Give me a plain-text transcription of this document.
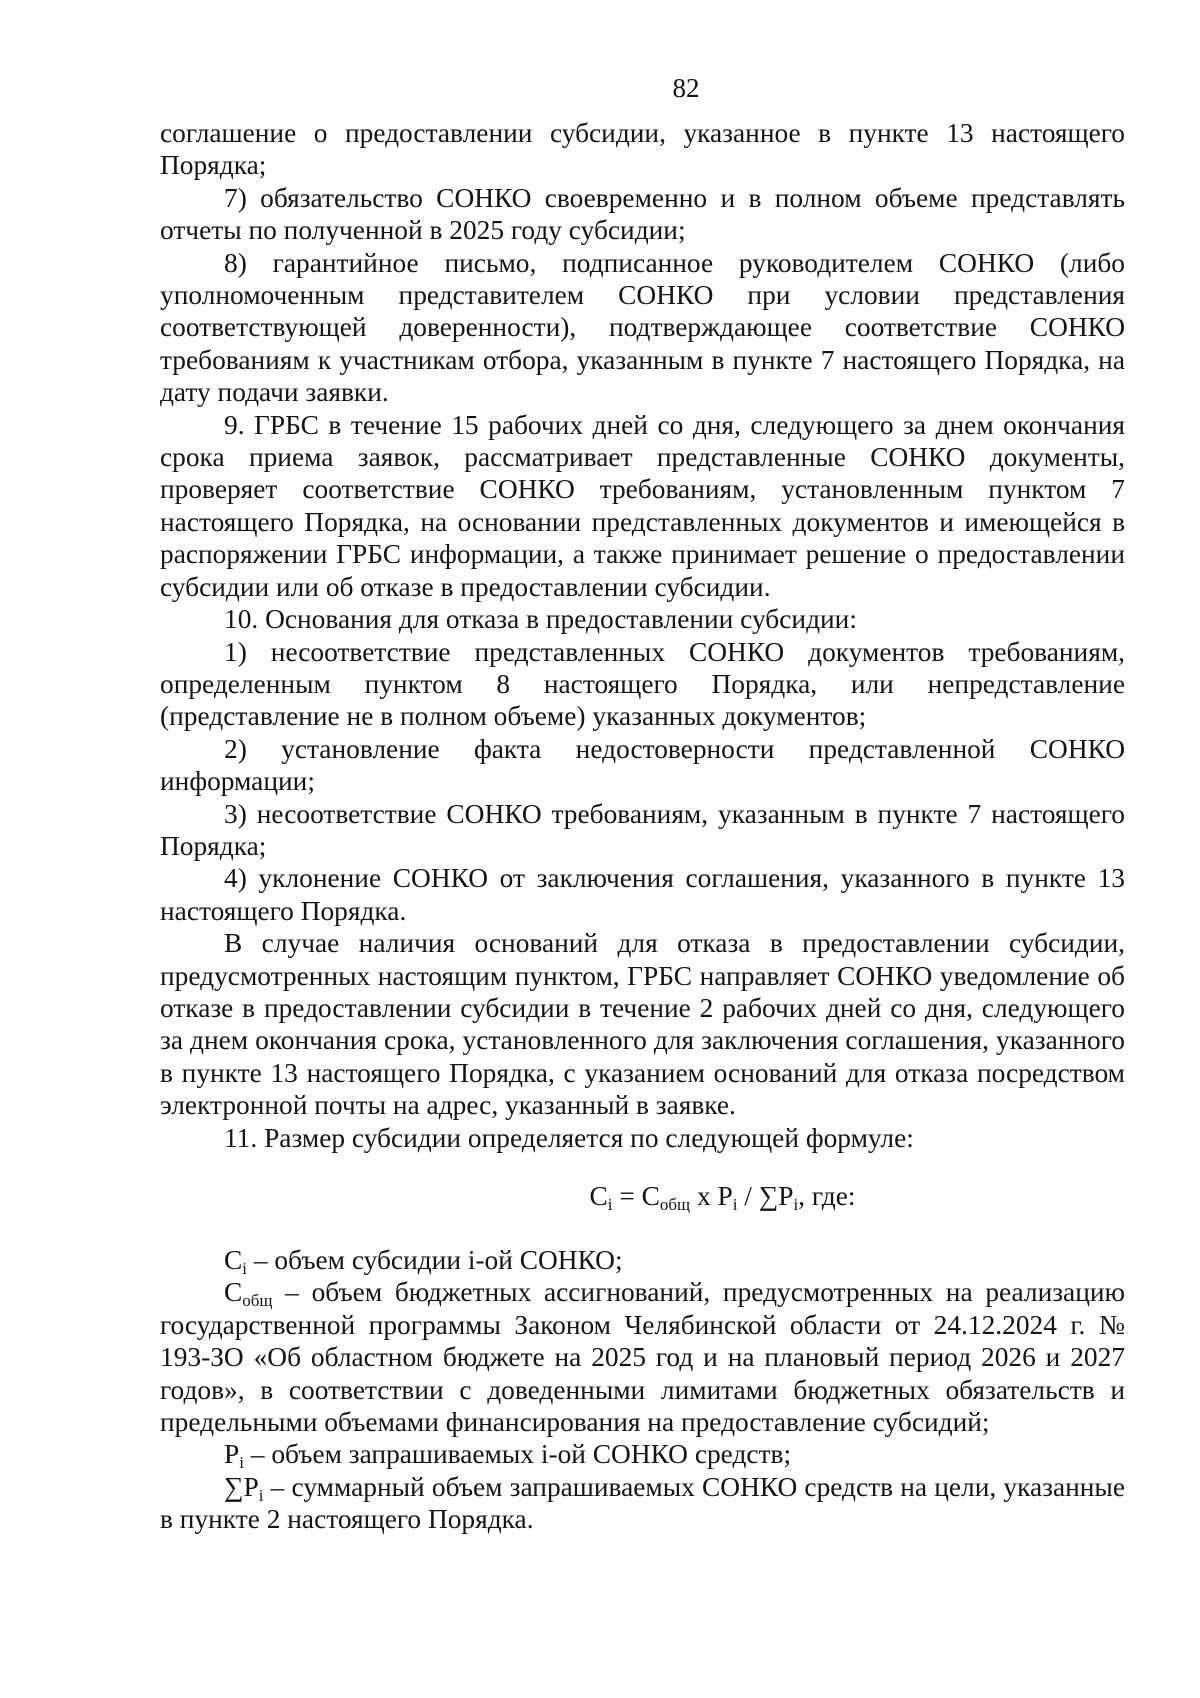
82

соглашение о предоставлении субсидии, указанное в пункте 13 настоящего Порядка;

7) обязательство СОНКО своевременно и в полном объеме представлять отчеты по полученной в 2025 году субсидии;

8) гарантийное письмо, подписанное руководителем СОНКО (либо уполномоченным представителем СОНКО при условии представления соответствующей доверенности), подтверждающее соответствие СОНКО требованиям к участникам отбора, указанным в пункте 7 настоящего Порядка, на дату подачи заявки.

9. ГРБС в течение 15 рабочих дней со дня, следующего за днем окончания срока приема заявок, рассматривает представленные СОНКО документы, проверяет соответствие СОНКО требованиям, установленным пунктом 7 настоящего Порядка, на основании представленных документов и имеющейся в распоряжении ГРБС информации, а также принимает решение о предоставлении субсидии или об отказе в предоставлении субсидии.

10. Основания для отказа в предоставлении субсидии:

1) несоответствие представленных СОНКО документов требованиям, определенным пунктом 8 настоящего Порядка, или непредставление (представление не в полном объеме) указанных документов;

2) установление факта недостоверности представленной СОНКО информации;

3) несоответствие СОНКО требованиям, указанным в пункте 7 настоящего Порядка;

4) уклонение СОНКО от заключения соглашения, указанного в пункте 13 настоящего Порядка.

В случае наличия оснований для отказа в предоставлении субсидии, предусмотренных настоящим пунктом, ГРБС направляет СОНКО уведомление об отказе в предоставлении субсидии в течение 2 рабочих дней со дня, следующего за днем окончания срока, установленного для заключения соглашения, указанного в пункте 13 настоящего Порядка, с указанием оснований для отказа посредством электронной почты на адрес, указанный в заявке.

11. Размер субсидии определяется по следующей формуле:

$C_i = C_{общ}$ x $P_i / \sum P_i$, где:

$C_i$ – объем субсидии i-ой СОНКО;

$C_{общ}$ – объем бюджетных ассигнований, предусмотренных на реализацию государственной программы Законом Челябинской области от 24.12.2024 г. № 193-ЗО «Об областном бюджете на 2025 год и на плановый период 2026 и 2027 годов», в соответствии с доведенными лимитами бюджетных обязательств и предельными объемами финансирования на предоставление субсидий;

$P_i$ – объем запрашиваемых i-ой СОНКО средств;

$\sum P_i$ – суммарный объем запрашиваемых СОНКО средств на цели, указанные в пункте 2 настоящего Порядка.
